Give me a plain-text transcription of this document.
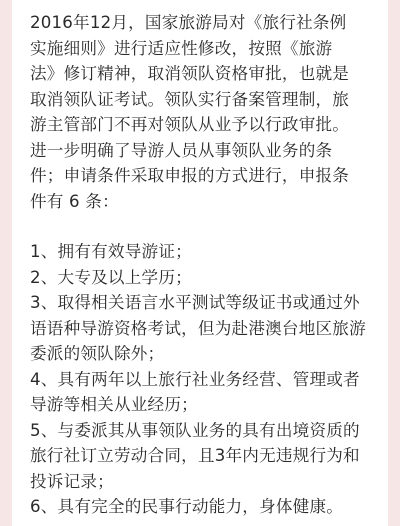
2016年12月，国家旅游局对《旅行社条例
实施细则》进行适应性修改，按照《旅游
法》修订精神，取消领队资格审批，也就是
取消领队证考试。领队实行备案管理制，旅
游主管部门不再对领队从业予以行政审批。
进一步明确了导游人员从事领队业务的条
件；申请条件采取申报的方式进行，申报条
件有 6 条：
1、拥有有效导游证；
2、大专及以上学历；
3、取得相关语言水平测试等级证书或通过外
语语种导游资格考试，但为赴港澳台地区旅游
委派的领队除外；
4、具有两年以上旅行社业务经营、管理或者
导游等相关从业经历；
5、与委派其从事领队业务的具有出境资质的
旅行社订立劳动合同，且3年内无违规行为和
投诉记录；
6、具有完全的民事行动能力，身体健康。
